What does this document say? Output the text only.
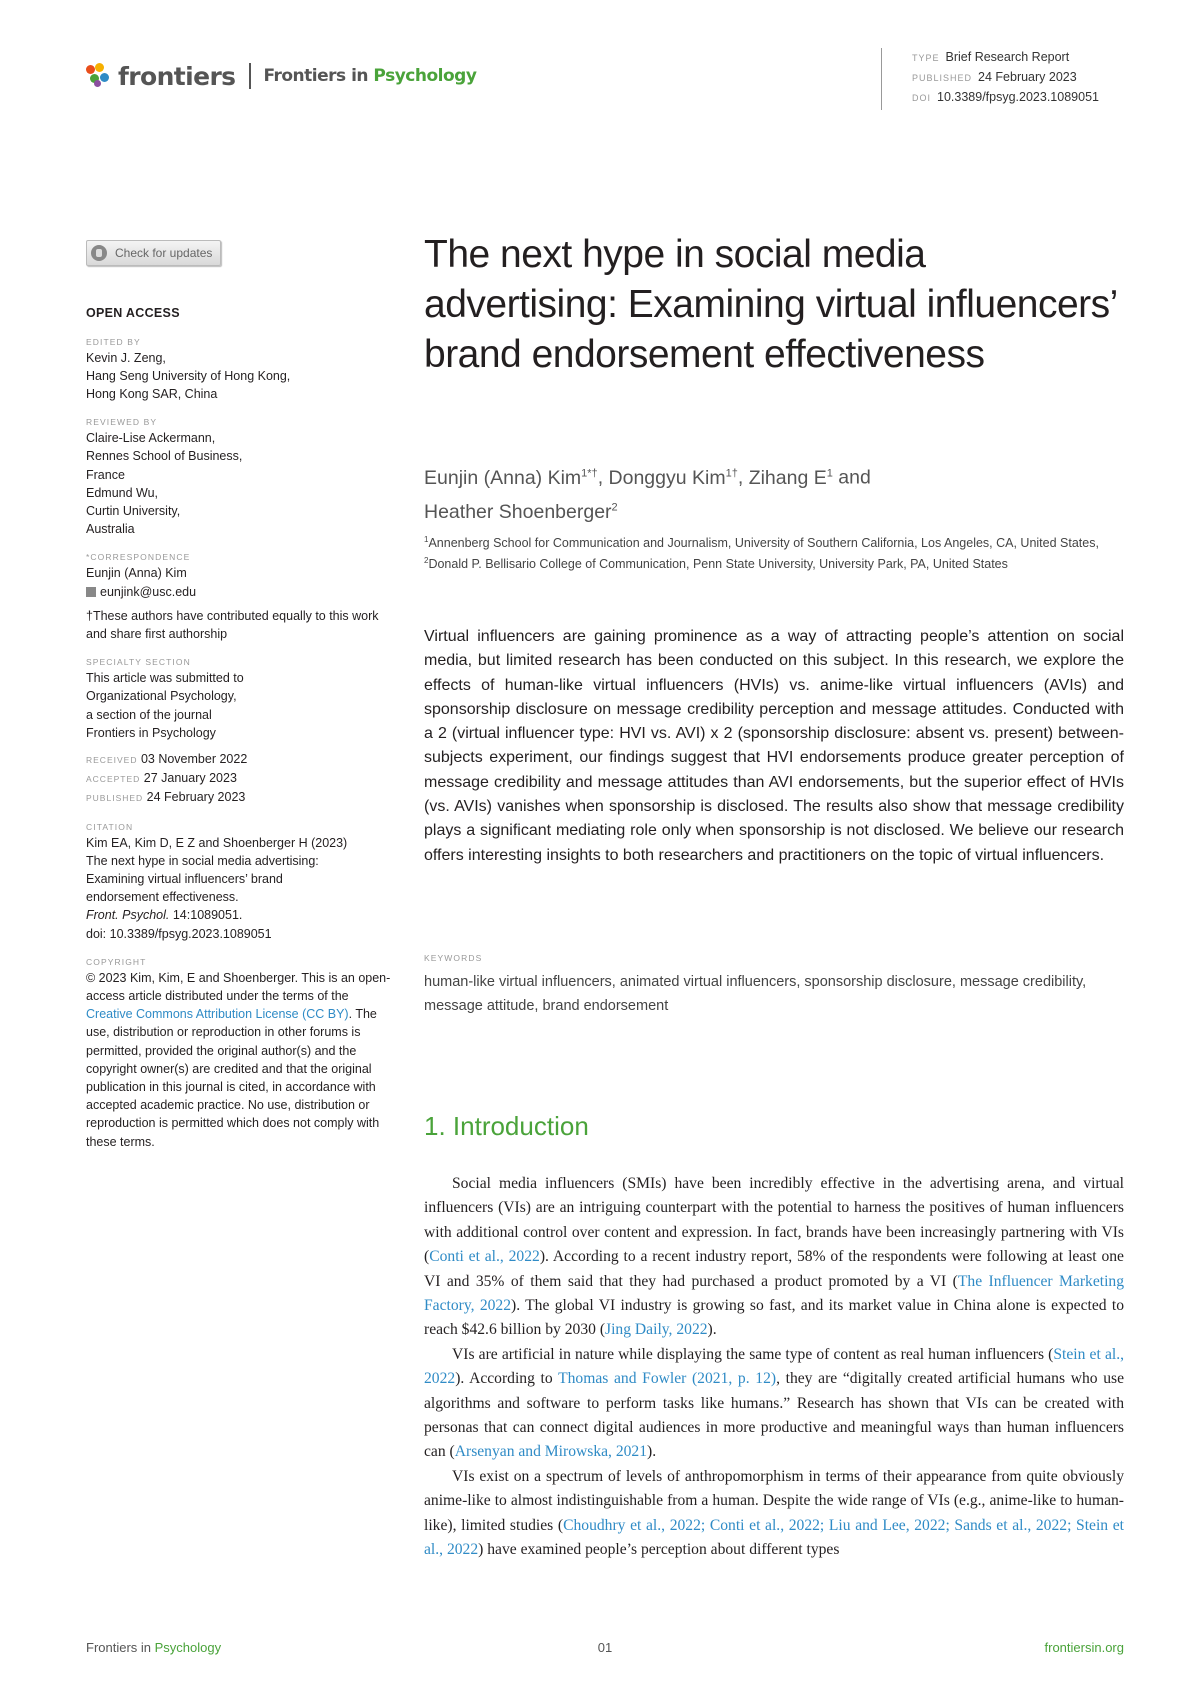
frontiers Frontiers in Psychology
TYPE Brief Research Report
PUBLISHED 24 February 2023
DOI 10.3389/fpsyg.2023.1089051
Check for updates
OPEN ACCESS
EDITED BY
Kevin J. Zeng,
Hang Seng University of Hong Kong,
Hong Kong SAR, China
REVIEWED BY
Claire-Lise Ackermann,
Rennes School of Business,
France
Edmund Wu,
Curtin University,
Australia
*CORRESPONDENCE
Eunjin (Anna) Kim
eunjink@usc.edu
†These authors have contributed equally to this work and share first authorship
SPECIALTY SECTION
This article was submitted to
Organizational Psychology,
a section of the journal
Frontiers in Psychology
RECEIVED 03 November 2022
ACCEPTED 27 January 2023
PUBLISHED 24 February 2023
CITATION
Kim EA, Kim D, E Z and Shoenberger H (2023)
The next hype in social media advertising:
Examining virtual influencers’ brand
endorsement effectiveness.
Front. Psychol. 14:1089051.
doi: 10.3389/fpsyg.2023.1089051
COPYRIGHT
© 2023 Kim, Kim, E and Shoenberger. This is an open-access article distributed under the terms of the Creative Commons Attribution License (CC BY). The use, distribution or reproduction in other forums is permitted, provided the original author(s) and the copyright owner(s) are credited and that the original publication in this journal is cited, in accordance with accepted academic practice. No use, distribution or reproduction is permitted which does not comply with these terms.
The next hype in social media advertising: Examining virtual influencers’ brand endorsement effectiveness
Eunjin (Anna) Kim$^{1*\dagger}$, Donggyu Kim$^{1\dagger}$, Zihang $E^1$ and
Heather Shoenberger$^2$
$^1$Annenberg School for Communication and Journalism, University of Southern California, Los Angeles, CA, United States, $^2$Donald P. Bellisario College of Communication, Penn State University, University Park, PA, United States
Virtual influencers are gaining prominence as a way of attracting people’s attention on social media, but limited research has been conducted on this subject. In this research, we explore the effects of human-like virtual influencers (HVIs) vs. anime-like virtual influencers (AVIs) and sponsorship disclosure on message credibility perception and message attitudes. Conducted with a 2 (virtual influencer type: HVI vs. AVI) x 2 (sponsorship disclosure: absent vs. present) between-subjects experiment, our findings suggest that HVI endorsements produce greater perception of message credibility and message attitudes than AVI endorsements, but the superior effect of HVIs (vs. AVIs) vanishes when sponsorship is disclosed. The results also show that message credibility plays a significant mediating role only when sponsorship is not disclosed. We believe our research offers interesting insights to both researchers and practitioners on the topic of virtual influencers.
KEYWORDS
human-like virtual influencers, animated virtual influencers, sponsorship disclosure, message credibility, message attitude, brand endorsement
1. Introduction

Social media influencers (SMIs) have been incredibly effective in the advertising arena, and virtual influencers (VIs) are an intriguing counterpart with the potential to harness the positives of human influencers with additional control over content and expression. In fact, brands have been increasingly partnering with VIs (Conti et al., 2022). According to a recent industry report, 58% of the respondents were following at least one VI and 35% of them said that they had purchased a product promoted by a VI (The Influencer Marketing Factory, 2022). The global VI industry is growing so fast, and its market value in China alone is expected to reach $42.6 billion by 2030 (Jing Daily, 2022).

VIs are artificial in nature while displaying the same type of content as real human influencers (Stein et al., 2022). According to Thomas and Fowler (2021, p. 12), they are “digitally created artificial humans who use algorithms and software to perform tasks like humans.” Research has shown that VIs can be created with personas that can connect digital audiences in more productive and meaningful ways than human influencers can (Arsenyan and Mirowska, 2021).

VIs exist on a spectrum of levels of anthropomorphism in terms of their appearance from quite obviously anime-like to almost indistinguishable from a human. Despite the wide range of VIs (e.g., anime-like to human-like), limited studies (Choudhry et al., 2022; Conti et al., 2022; Liu and Lee, 2022; Sands et al., 2022; Stein et al., 2022) have examined people’s perception about different types

Frontiers in Psychology	01	frontiersin.org
